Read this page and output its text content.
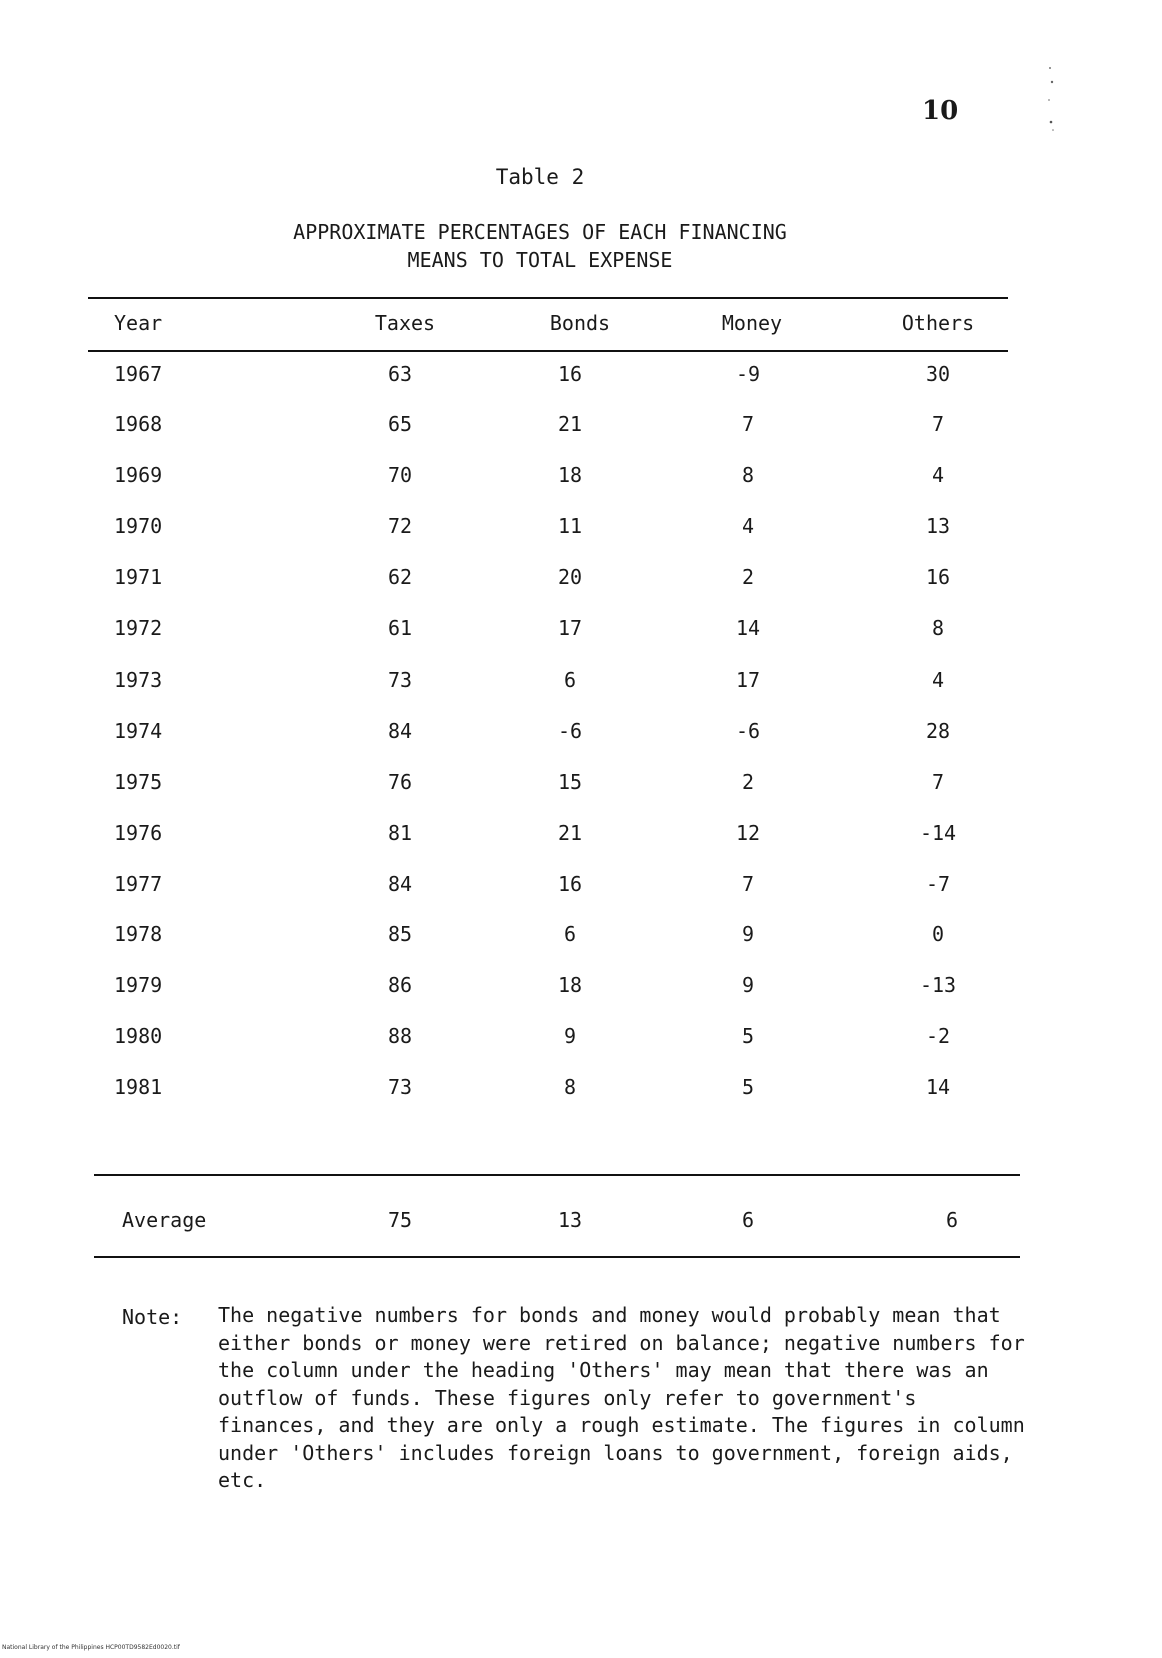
10
Table 2
APPROXIMATE PERCENTAGES OF EACH FINANCING
MEANS TO TOTAL EXPENSE
Year	Taxes	Bonds	Money	Others
1967	63	16	-9	30
1968	65	21	7	7
1969	70	18	8	4
1970	72	11	4	13
1971	62	20	2	16
1972	61	17	14	8
1973	73	6	17	4
1974	84	-6	-6	28
1975	76	15	2	7
1976	81	21	12	-14
1977	84	16	7	-7
1978	85	6	9	0
1979	86	18	9	-13
1980	88	9	5	-2
1981	73	8	5	14
Average	75	13	6	6
Note: The negative numbers for bonds and money would probably mean that either bonds or money were retired on balance; negative numbers for the column under the heading 'Others' may mean that there was an outflow of funds. These figures only refer to government's finances, and they are only a rough estimate. The figures in column under 'Others' includes foreign loans to government, foreign aids, etc.
National Library of the Philippines HCP00TD9582Ed0020.tif
